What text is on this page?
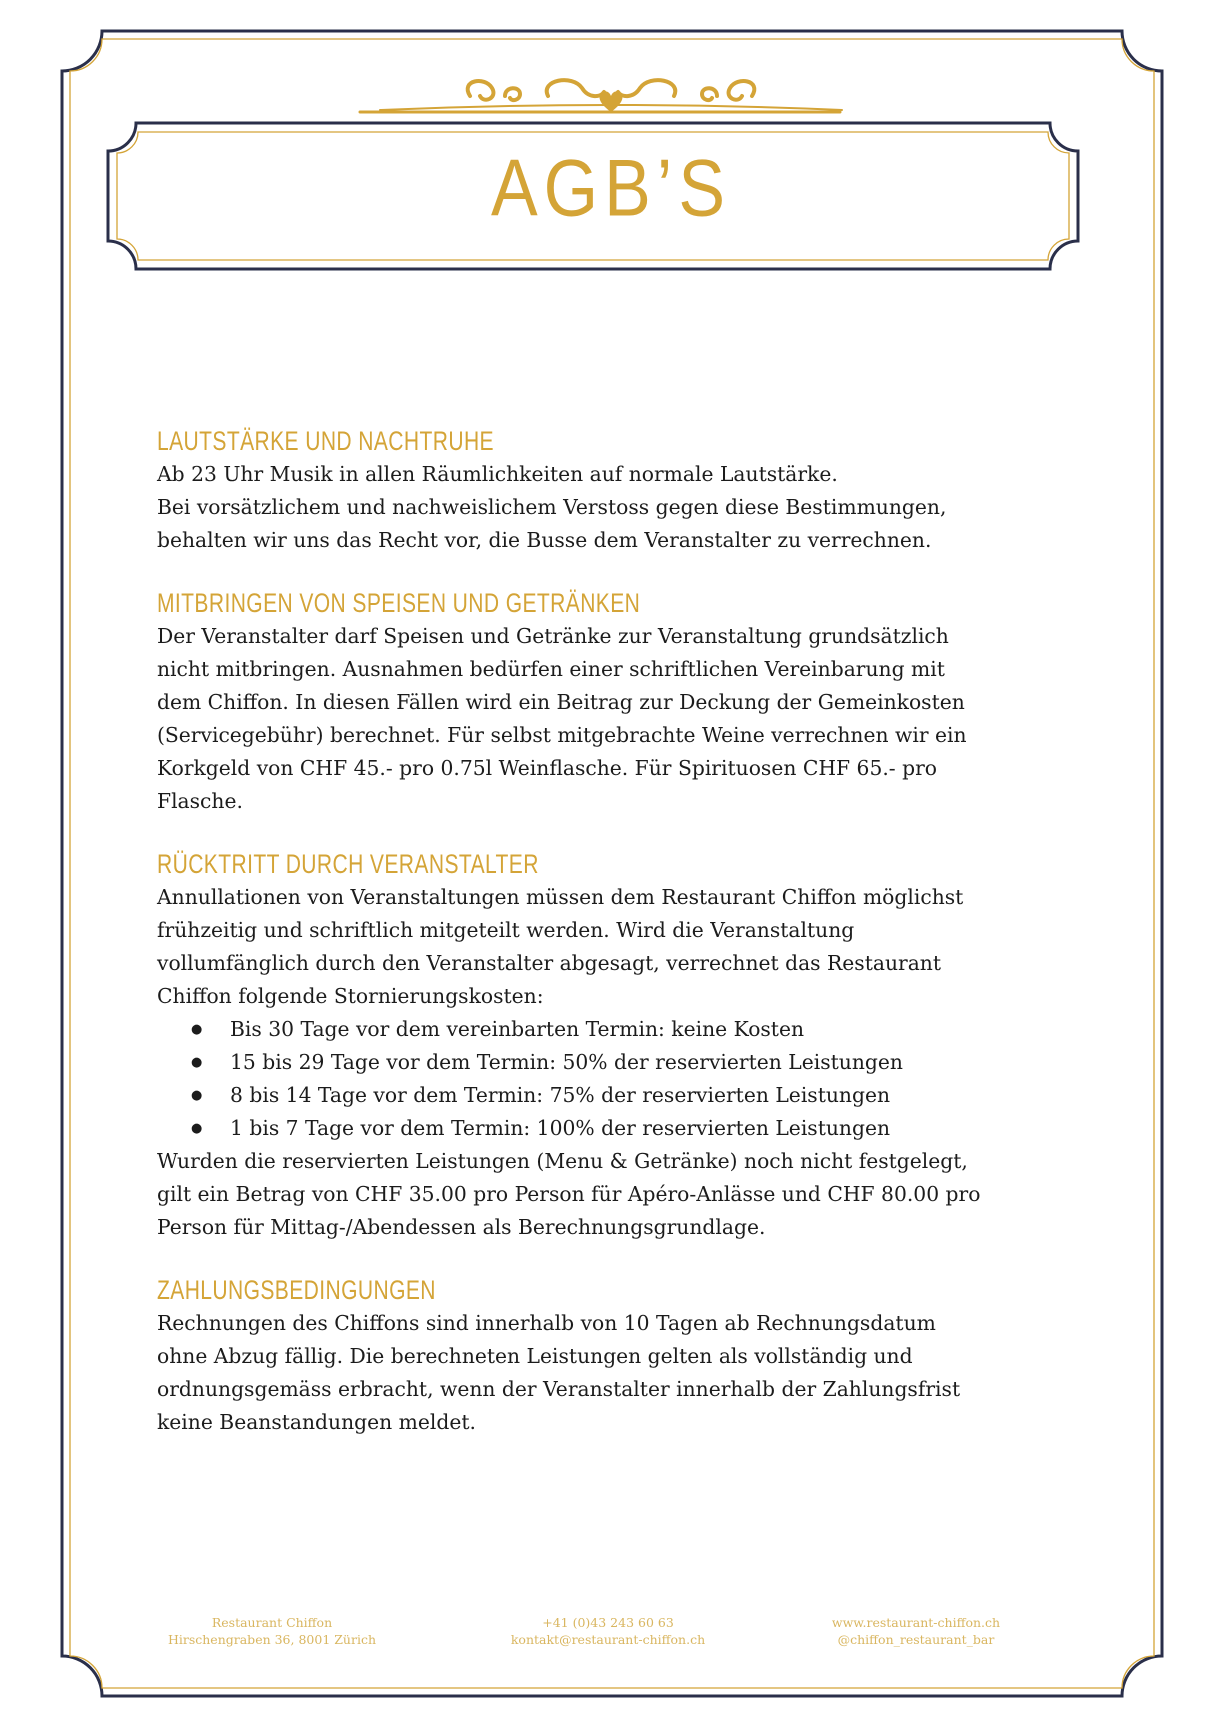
AGB’S
LAUTSTÄRKE UND NACHTRUHE

Ab 23 Uhr Musik in allen Räumlichkeiten auf normale Lautstärke.

Bei vorsätzlichem und nachweislichem Verstoss gegen diese Bestimmungen,

behalten wir uns das Recht vor, die Busse dem Veranstalter zu verrechnen.

MITBRINGEN VON SPEISEN UND GETRÄNKEN

Der Veranstalter darf Speisen und Getränke zur Veranstaltung grundsätzlich

nicht mitbringen. Ausnahmen bedürfen einer schriftlichen Vereinbarung mit

dem Chiffon. In diesen Fällen wird ein Beitrag zur Deckung der Gemeinkosten

(Servicegebühr) berechnet. Für selbst mitgebrachte Weine verrechnen wir ein

Korkgeld von CHF 45.- pro 0.75l Weinflasche. Für Spirituosen CHF 65.- pro

Flasche.

RÜCKTRITT DURCH VERANSTALTER

Annullationen von Veranstaltungen müssen dem Restaurant Chiffon möglichst

frühzeitig und schriftlich mitgeteilt werden. Wird die Veranstaltung

vollumfänglich durch den Veranstalter abgesagt, verrechnet das Restaurant

Chiffon folgende Stornierungskosten:

● Bis 30 Tage vor dem vereinbarten Termin: keine Kosten
● 15 bis 29 Tage vor dem Termin: 50% der reservierten Leistungen
● 8 bis 14 Tage vor dem Termin: 75% der reservierten Leistungen
● 1 bis 7 Tage vor dem Termin: 100% der reservierten Leistungen

Wurden die reservierten Leistungen (Menu & Getränke) noch nicht festgelegt,

gilt ein Betrag von CHF 35.00 pro Person für Apéro-Anlässe und CHF 80.00 pro

Person für Mittag-/Abendessen als Berechnungsgrundlage.

ZAHLUNGSBEDINGUNGEN

Rechnungen des Chiffons sind innerhalb von 10 Tagen ab Rechnungsdatum

ohne Abzug fällig. Die berechneten Leistungen gelten als vollständig und

ordnungsgemäss erbracht, wenn der Veranstalter innerhalb der Zahlungsfrist

keine Beanstandungen meldet.

Restaurant Chiffon
Hirschengraben 36, 8001 Zürich
+41 (0)43 243 60 63
kontakt@restaurant-chiffon.ch
www.restaurant-chiffon.ch
@chiffon_restaurant_bar
